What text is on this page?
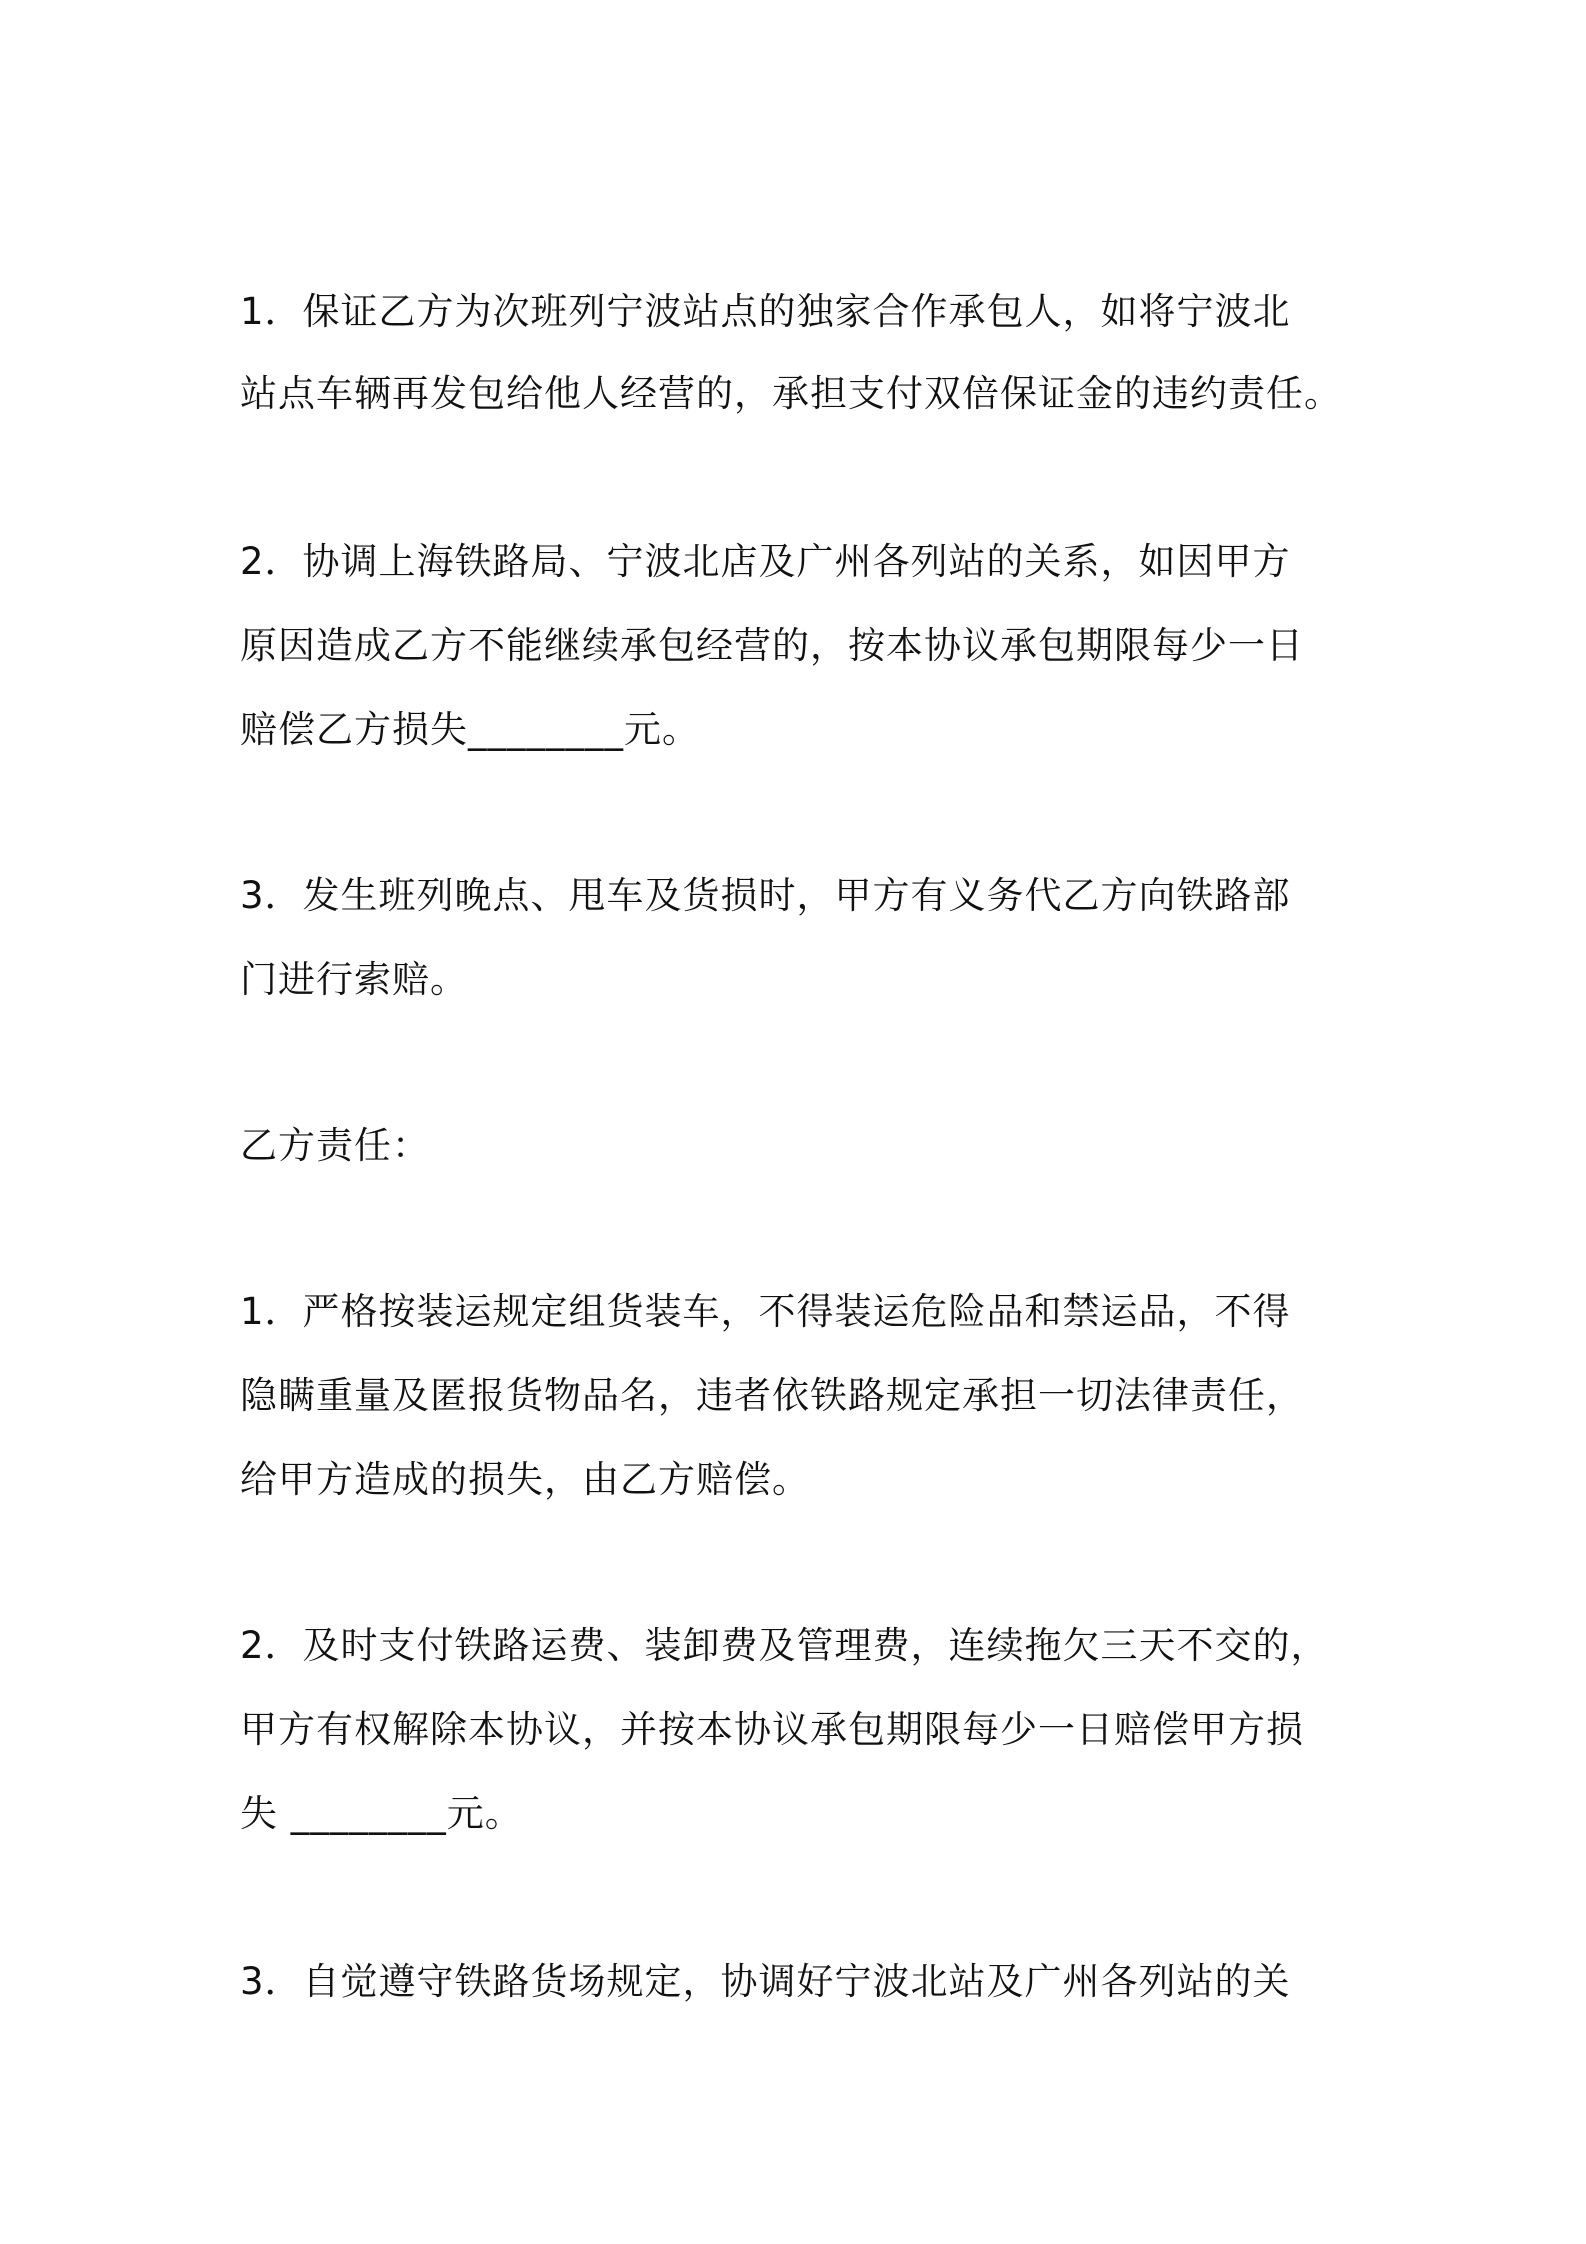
1．保证乙方为次班列宁波站点的独家合作承包人，如将宁波北

站点车辆再发包给他人经营的，承担支付双倍保证金的违约责任。

2．协调上海铁路局、宁波北店及广州各列站的关系，如因甲方

原因造成乙方不能继续承包经营的，按本协议承包期限每少一日

赔偿乙方损失________元。

3．发生班列晚点、甩车及货损时，甲方有义务代乙方向铁路部

门进行索赔。

乙方责任：

1．严格按装运规定组货装车，不得装运危险品和禁运品，不得

隐瞒重量及匿报货物品名，违者依铁路规定承担一切法律责任，

给甲方造成的损失，由乙方赔偿。

2．及时支付铁路运费、装卸费及管理费，连续拖欠三天不交的，

甲方有权解除本协议，并按本协议承包期限每少一日赔偿甲方损

失 ________元。

3．自觉遵守铁路货场规定，协调好宁波北站及广州各列站的关
